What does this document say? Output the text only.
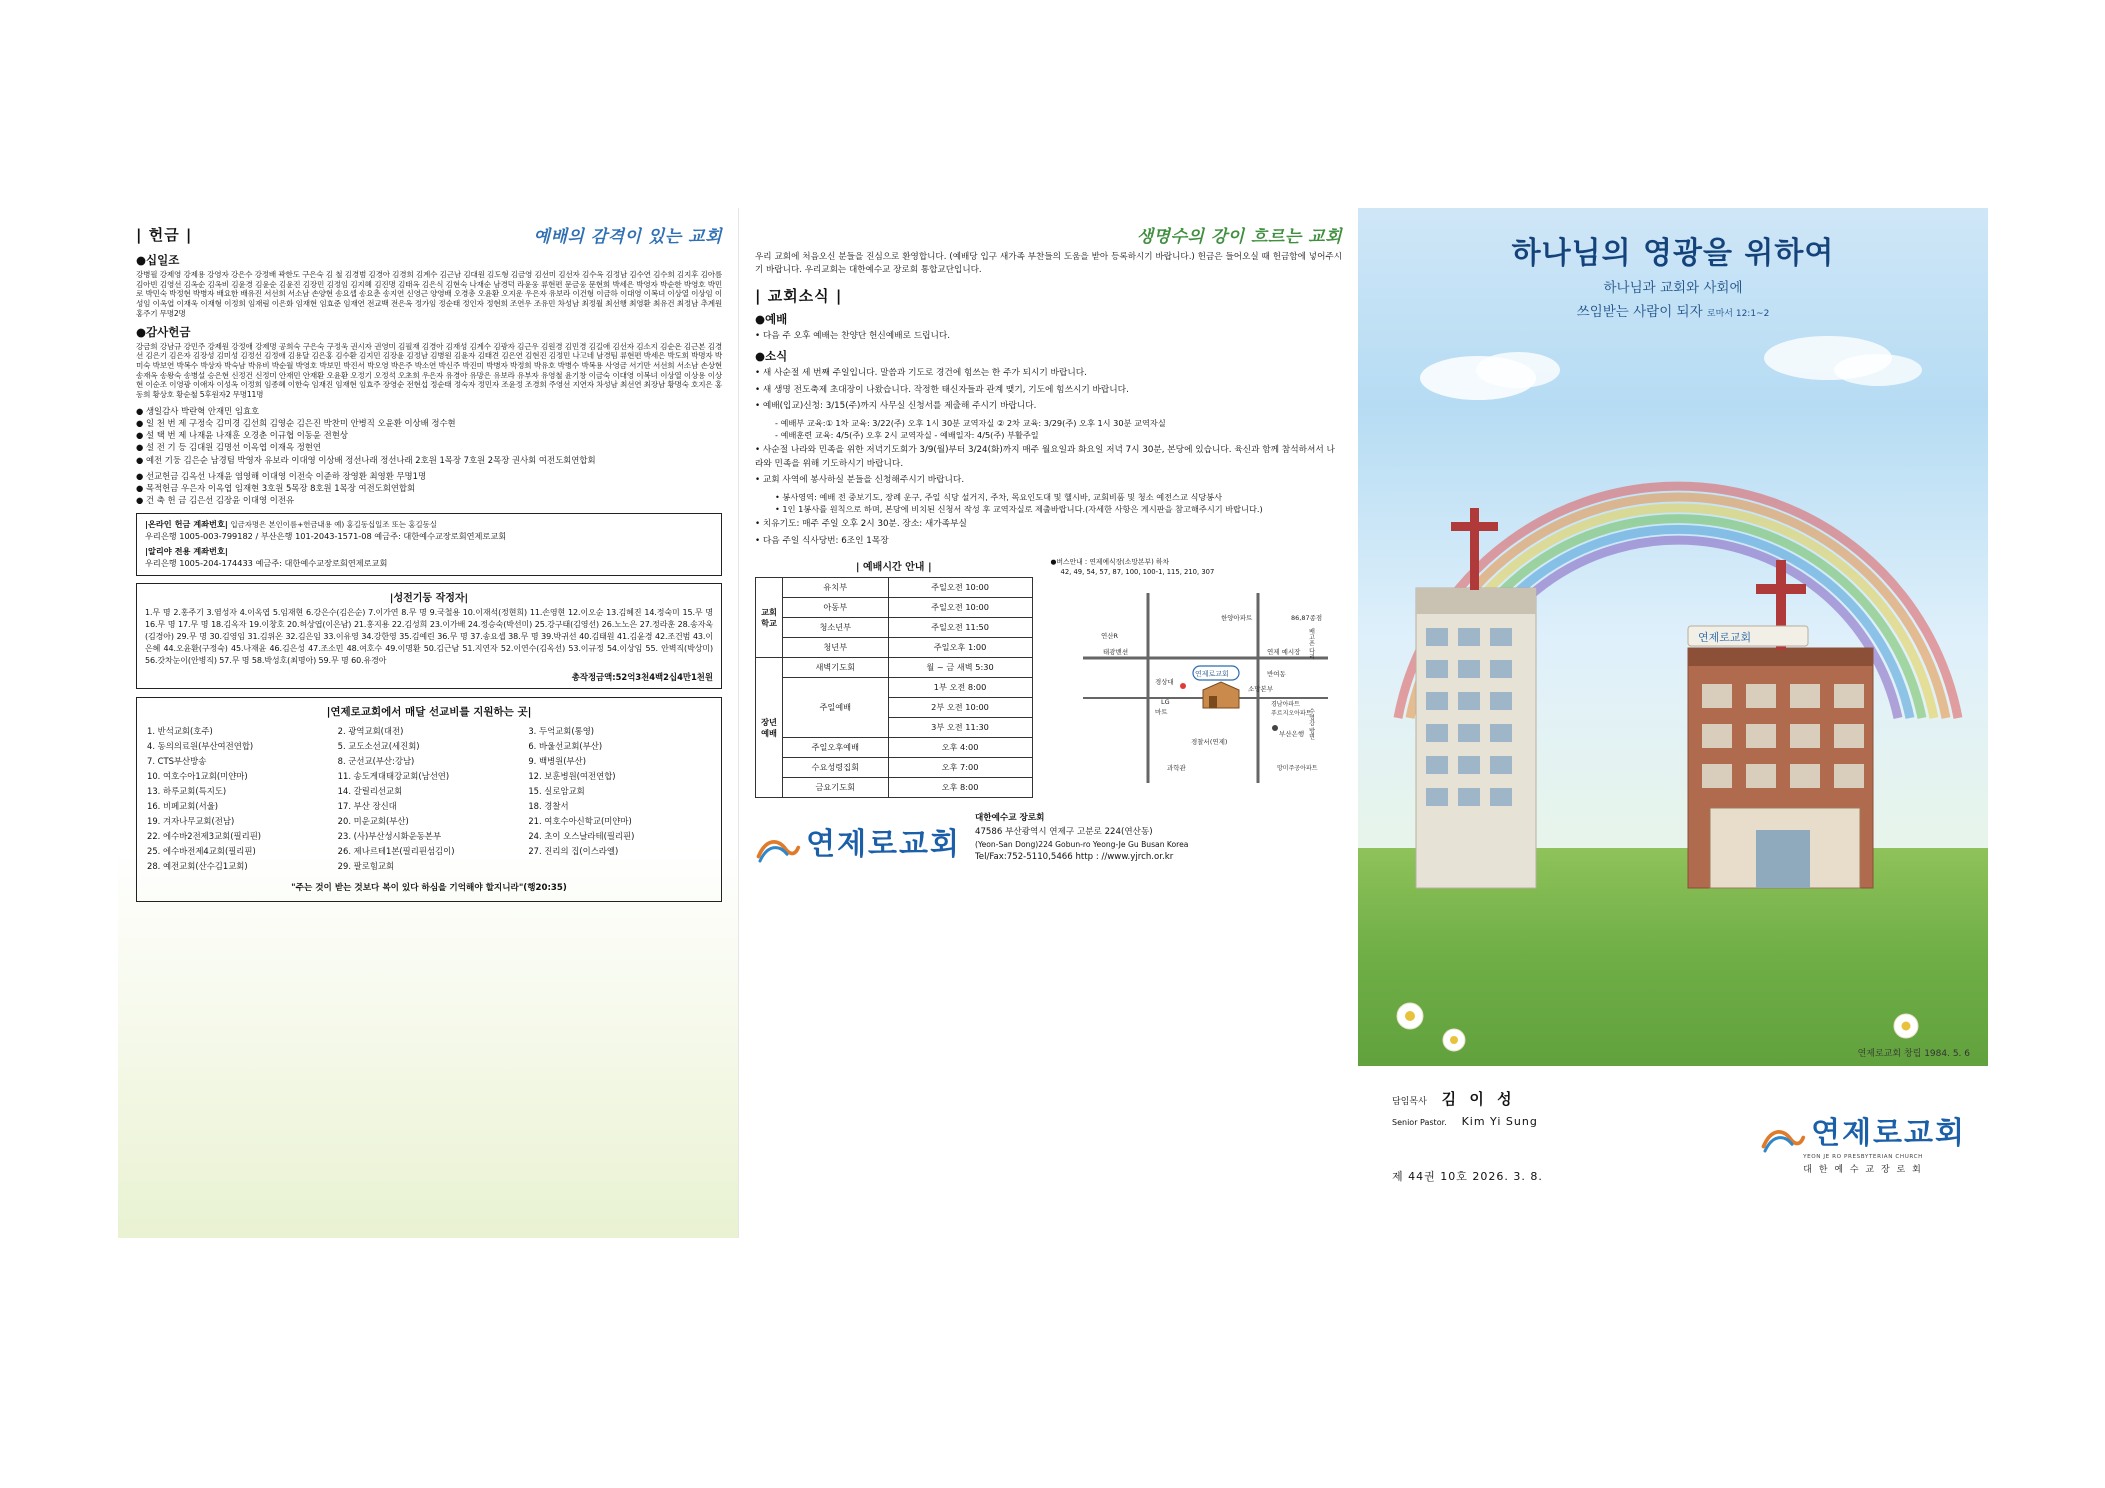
| 헌금 |	예배의 감격이 있는 교회
●십일조
강병필 강제영 강제용 강영자 강은수 강정배 곽한도 구은숙 김 철 김경범 김경아 김경희 김계수 김근남 김대원 김도형 김금영 김선미 김선자 김수옥 김정남 김수연 김수희 김지후 김아름 김아빈 김영선 김옥순 김옥비 김윤경 김윤순 김윤진 김장민 김정임 김지혜 김진명 김태옥 김은식 김현숙 나재순 남경덕 라윤웅 류현편 문금웅 문현희 박세은 박영자 박순한 박영호 박민로 박민숙 박정현 박병자 배요한 배유진 서선희 서소남 손양현 송요셉 송요춘 송지연 신영근 양영배 오경총 오윤환 오지운 우은자 유보라 이건형 이금하 이대영 이복녀 이상열 이상임 이성임 이옥엽 이재욱 이재형 이정희 임재림 이은화 임재현 임효준 임재연 전교백 전은옥 정가임 정순태 정인자 정현희 조연우 조유민 차성남 최정월 최선행 최영환 최유건 최정남 추계원 홍주기 무명2명
●감사헌금
강금희 강남규 강민주 강제원 강정애 강제명 공희숙 구은숙 구정욱 권시자 권영미 김필재 김경아 김재성 김계수 김광자 김근우 김원경 김민경 김길애 김선자 김소지 김순온 김근본 김경선 김은기 김은자 김장성 김미성 김정선 김정애 김용달 김은홍 김수환 김지민 김장윤 김정남 김병원 김윤자 김태견 김은연 김현진 김정민 나고네 남경팀 류현편 박세은 박도희 박명자 박미숙 박보연 박복수 박상자 박숙남 박유비 박순월 박영호 박보민 박진서 박오영 박은주 박소연 박신주 박진미 박병자 박정희 박유호 박병수 박복용 사영금 서기만 서선희 서소남 손상현 송재옥 송왕숙 송병설 승은현 신정건 신정미 안재민 안재환 오윤환 오정기 오정석 오초희 우은자 유경아 유망은 유보라 유부자 유영철 윤기창 이금숙 이대영 이복녀 이상열 이상용 이상현 이순조 이영광 이애자 이성옥 이정희 임종혜 이한숙 임재진 임재현 임효주 장영순 전현섭 정순태 정숙자 정민자 조윤정 조경희 주영선 지연자 차성남 최선연 최장남 황명숙 호지은 홍동희 황상호 황순철 5후원자2 무명11명
● 생일감사 박란혁 안재민 임효호
● 일 천 번 제 구정숙 김미경 김선희 김영순 김은진 박찬미 안병직 오윤환 이상배 정수현
● 설 택 번 제 나재윤 나재훈 오경춘 이규협 이동윤 전현상
● 설 전 기 등 김대원 김명선 이옥엽 이재옥 정현연
● 예전 기둥 김은순 남경팀 박영자 유보라 이대영 이상배 정선나래 정선나래 2호원 1목장 7호원 2목장 권사회 여전도회연합회
● 선교헌금 김옥선 나재윤 염영해 이대영 이전숙 이준하 장영환 최영환 무명1명
● 목적헌금 우은자 이옥엽 임재현 3호원 5목장 8호원 1목장 여전도회연합회
● 건 축 헌 금 김은선 김장윤 이대영 이전유
|온라인 헌금 계좌번호| 입금자명은 본인이름+헌금내용 예) 홍길동십일조 또는 홍길동실
우리은행 1005-003-799182 / 부산은행 101-2043-1571-08 예금주: 대한예수교장로회연제로교회
|알리야 전용 계좌번호|
우리은행 1005-204-174433 예금주: 대한예수교장로회연제로교회
|성전기둥 작정자|
1.무 명 2.홍주기 3.염성자 4.이옥엽 5.임재현 6.강은수(김은순) 7.이가연 8.무 명 9.국철용 10.이재석(정현희) 11.손영현 12.이오순 13.김혜진 14.정숙미 15.무 명 16.무 명 17.무 명 18.김옥자 19.이창호 20.허상엽(이은남) 21.홍지용 22.김성희 23.이가배 24.정승숙(박선미) 25.강구태(김영선) 26.노노은 27.정라훈 28.송자욱(김경아) 29.무 명 30.김영임 31.김위온 32.김은임 33.이유영 34.강한영 35.김예린 36.무 명 37.송요셉 38.무 명 39.박귀선 40.김태원 41.김윤경 42.조건범 43.이은혜 44.오윤환(구정숙) 45.나재윤 46.김은성 47.조소민 48.여호수 49.이명환 50.김근남 51.지연자 52.이연수(김옥선) 53.이규정 54.이상임 55. 안벽직(박상미) 56.갓차눈이(안병직) 57.무 명 58.박성호(최명아) 59.무 명 60.유경아
총작정금액:52억3천4백2십4만1천원
|연제로교회에서 매달 선교비를 지원하는 곳|
1. 반석교회(호주)	2. 광역교회(대전)	3. 두억교회(통영)
4. 동의의료원(부산여전연합)	5. 교도소선교(세진회)	6. 바울선교회(부산)
7. CTS부산방송	8. 군선교(부산:강남)	9. 백병원(부산)
10. 여호수아1교회(미얀마)	11. 송도게대태강교회(남선연)	12. 보훈병원(여전연합)
13. 하루교회(특지도)	14. 갈릴리선교회	15. 실로암교회
16. 비페교회(서울)	17. 부산 장신대	18. 경찰서
19. 겨자나무교회(전남)	20. 미운교회(부산)	21. 여호수아신학교(미얀마)
22. 에수바2전제3교회(필리핀)	23. (사)부산성시화운동본부	24. 초이 오스날라테(필리핀)
25. 에수바전제4교회(필리핀)	26. 제나르테1본(필리핀섬김이)	27. 진리의 집(이스라엘)
28. 예전교회(산수김1교회)	29. 팔로힘교회
"주는 것이 받는 것보다 복이 있다 하심을 기억해야 할지니라"(행20:35)
생명수의 강이 흐르는 교회
우리 교회에 처음오신 분들을 진심으로 환영합니다. (예배당 입구 새가족 부찬들의 도움을 받아 등록하시기 바랍니다.) 헌금은 들어오실 때 헌금함에 넣어주시기 바랍니다. 우리교회는 대한예수교 장로회 통합교단입니다.
| 교회소식 |
●예배
• 다음 주 오후 예배는 찬양단 헌신예배로 드립니다.
●소식
• 새 사순절 세 번째 주일입니다. 말씀과 기도로 경건에 힘쓰는 한 주가 되시기 바랍니다.
• 새 생명 전도축제 초대장이 나왔습니다. 작정한 태신자들과 관계 맺기, 기도에 힘쓰시기 바랍니다.
• 예배(입교)신청: 3/15(주)까지 사무실 신청서를 제출해 주시기 바랍니다.
- 예배부 교육:① 1차 교육: 3/22(주) 오후 1시 30분 교역자실 ② 2차 교육: 3/29(주) 오후 1시 30분 교역자실
- 예배훈련 교육: 4/5(주) 오후 2시 교역자실 - 예배일자: 4/5(주) 부활주일
• 사순절 나라와 민족을 위한 저녁기도회가 3/9(월)부터 3/24(화)까지 매주 월요일과 화요일 저녁 7시 30분, 본당에 있습니다. 육신과 함께 참석하셔서 나라와 민족을 위해 기도하시기 바랍니다.
• 교회 사역에 봉사하실 분들을 신청해주시기 바랍니다.
• 봉사영역: 예배 전 중보기도, 장례 운구, 주일 식당 설거지, 주차, 목요인도대 및 헬시바, 교회비품 및 청소 예전스교 식당봉사
• 1인 1봉사를 원칙으로 하며, 본당에 비치된 신청서 작성 후 교역자실로 제출바랍니다.(자세한 사항은 게시판을 참고해주시기 바랍니다.)
• 치유기도: 매주 주일 오후 2시 30분. 장소: 새가족부실
• 다음 주일 식사당번: 6조인 1목장
| 예배시간 안내 |
교회학교	유치부	주일오전 10:00
	아동부	주일오전 10:00
	청소년부	주일오전 11:50
	청년부	주일오후 1:00
장년예배	새벽기도회	월 ~ 금 새벽 5:30
	주일예배	1부 오전 8:00
		2부 오전 10:00
		3부 오전 11:30
	주일오후예배	오후 4:00
	수요성령집회	오후 7:00
	금요기도회	오후 8:00
●버스안내 : 연제예식장(소망본부) 하차
42, 49, 54, 57, 87, 100, 100-1, 115, 210, 307
연제로교회
한양아파트	86,87종점
연산R
태광밴션	연제 예시장
반여동
경상대
소망본부
LG
마트
경남아파트
푸르지오아파트
부산은행
경찰서(연제)
과학관	망미주공아파트
배고픈 다리
수영강 방면
연제로교회
대한예수교 장로회
47586 부산광역시 연제구 고분로 224(연산동)
(Yeon-San Dong)224 Gobun-ro Yeong-Je Gu Busan Korea
Tel/Fax:752-5110,5466 http : //www.yjrch.or.kr
연제로교회
하나님의 영광을 위하여
하나님과 교회와 사회에
쓰임받는 사람이 되자 로마서 12:1~2
연제로교회 창립 1984. 5. 6
담임목사 김 이 성
Senior Pastor. Kim Yi Sung
제 44권 10호 2026. 3. 8.
연제로교회
YEON JE RO PRESBYTERIAN CHURCH
대 한 예 수 교 장 로 회
